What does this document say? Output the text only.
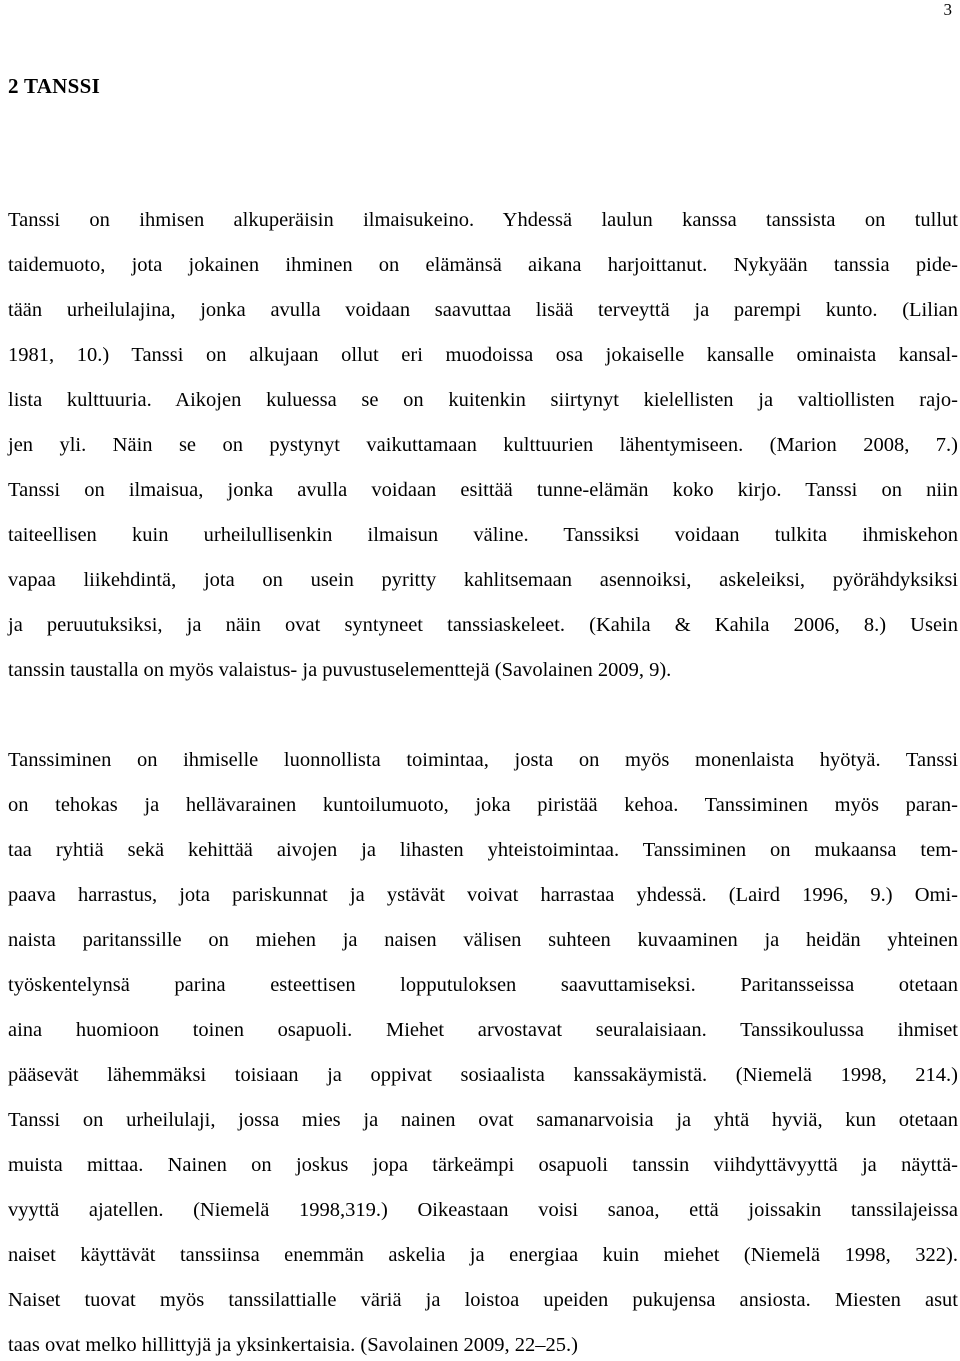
3
2 TANSSI
Tanssi on ihmisen alkuperäisin ilmaisukeino. Yhdessä laulun kanssa tanssista on tullut
taidemuoto, jota jokainen ihminen on elämänsä aikana harjoittanut. Nykyään tanssia pide-
tään urheilulajina, jonka avulla voidaan saavuttaa lisää terveyttä ja parempi kunto. (Lilian
1981, 10.) Tanssi on alkujaan ollut eri muodoissa osa jokaiselle kansalle ominaista kansal-
lista kulttuuria. Aikojen kuluessa se on kuitenkin siirtynyt kielellisten ja valtiollisten rajo-
jen yli. Näin se on pystynyt vaikuttamaan kulttuurien lähentymiseen. (Marion 2008, 7.)
Tanssi on ilmaisua, jonka avulla voidaan esittää tunne-elämän koko kirjo. Tanssi on niin
taiteellisen kuin urheilullisenkin ilmaisun väline. Tanssiksi voidaan tulkita ihmiskehon
vapaa liikehdintä, jota on usein pyritty kahlitsemaan asennoiksi, askeleiksi, pyörähdyksiksi
ja peruutuksiksi, ja näin ovat syntyneet tanssiaskeleet. (Kahila & Kahila 2006, 8.) Usein
tanssin taustalla on myös valaistus- ja puvustuselementtejä (Savolainen 2009, 9).
Tanssiminen on ihmiselle luonnollista toimintaa, josta on myös monenlaista hyötyä. Tanssi
on tehokas ja hellävarainen kuntoilumuoto, joka piristää kehoa. Tanssiminen myös paran-
taa ryhtiä sekä kehittää aivojen ja lihasten yhteistoimintaa. Tanssiminen on mukaansa tem-
paava harrastus, jota pariskunnat ja ystävät voivat harrastaa yhdessä. (Laird 1996, 9.) Omi-
naista paritanssille on miehen ja naisen välisen suhteen kuvaaminen ja heidän yhteinen
työskentelynsä parina esteettisen lopputuloksen saavuttamiseksi. Paritansseissa otetaan
aina huomioon toinen osapuoli. Miehet arvostavat seuralaisiaan. Tanssikoulussa ihmiset
pääsevät lähemmäksi toisiaan ja oppivat sosiaalista kanssakäymistä. (Niemelä 1998, 214.)
Tanssi on urheilulaji, jossa mies ja nainen ovat samanarvoisia ja yhtä hyviä, kun otetaan
muista mittaa. Nainen on joskus jopa tärkeämpi osapuoli tanssin viihdyttävyyttä ja näyttä-
vyyttä ajatellen. (Niemelä 1998,319.) Oikeastaan voisi sanoa, että joissakin tanssilajeissa
naiset käyttävät tanssiinsa enemmän askelia ja energiaa kuin miehet (Niemelä 1998, 322).
Naiset tuovat myös tanssilattialle väriä ja loistoa upeiden pukujensa ansiosta. Miesten asut
taas ovat melko hillittyjä ja yksinkertaisia. (Savolainen 2009, 22–25.)
